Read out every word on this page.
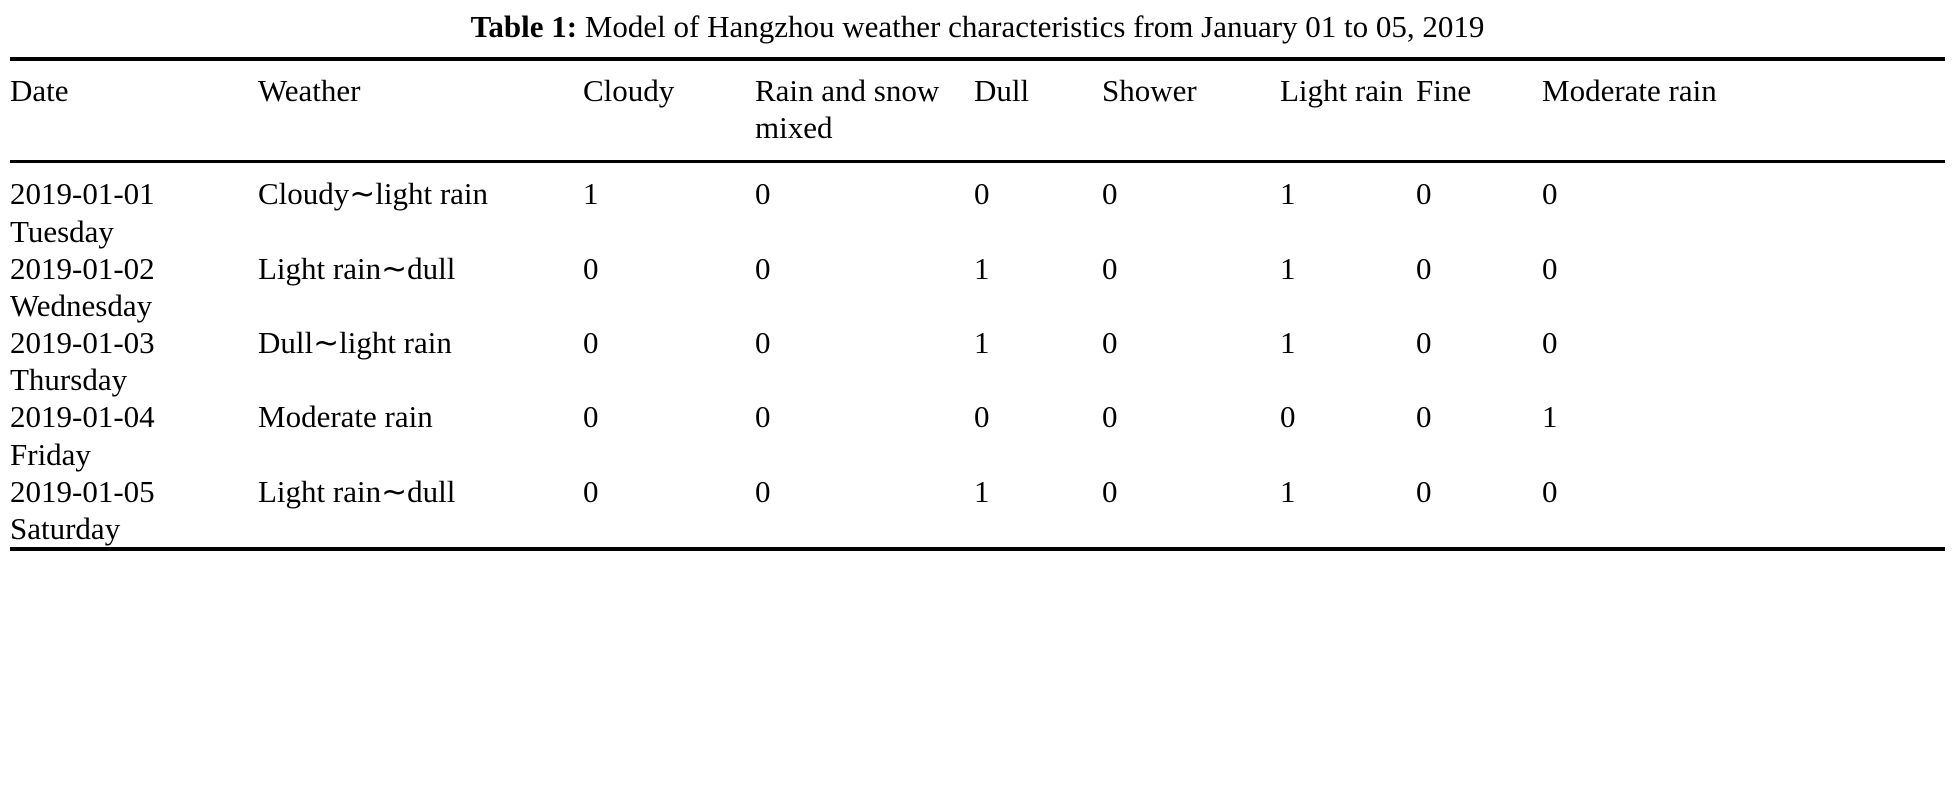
Table 1: Model of Hangzhou weather characteristics from January 01 to 05, 2019
Date	Weather	Cloudy	Rain and snow mixed	Dull	Shower	Light rain	Fine	Moderate rain

2019-01-01
Tuesday	Cloudy∼light rain	1	0	0	0	1	0	0

2019-01-02
Wednesday	Light rain∼dull	0	0	1	0	1	0	0

2019-01-03
Thursday	Dull∼light rain	0	0	1	0	1	0	0

2019-01-04
Friday	Moderate rain	0	0	0	0	0	0	1

2019-01-05
Saturday	Light rain∼dull	0	0	1	0	1	0	0
